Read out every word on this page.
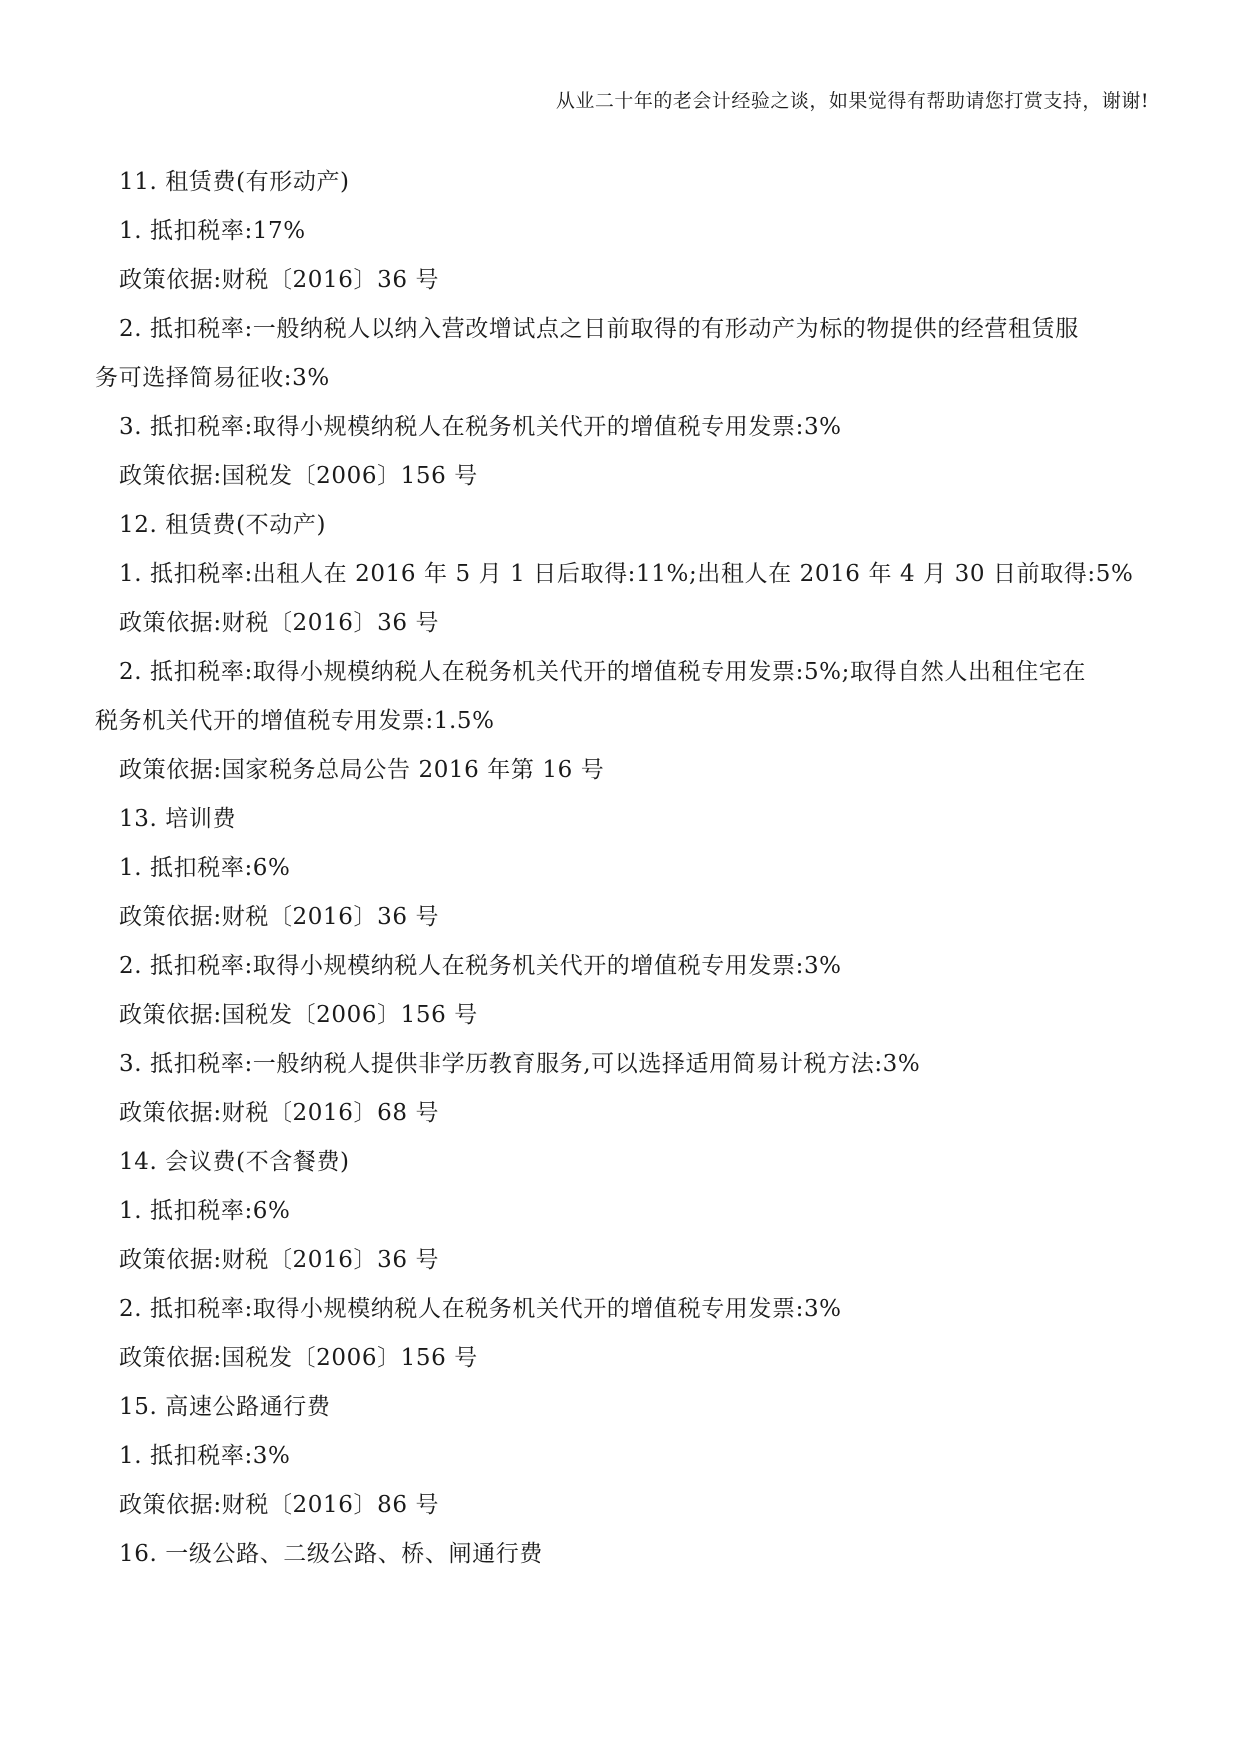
从业二十年的老会计经验之谈，如果觉得有帮助请您打赏支持，谢谢!
11. 租赁费(有形动产)
1. 抵扣税率:17%
政策依据:财税〔2016〕36 号
2. 抵扣税率:一般纳税人以纳入营改增试点之日前取得的有形动产为标的物提供的经营租赁服
务可选择简易征收:3%
3. 抵扣税率:取得小规模纳税人在税务机关代开的增值税专用发票:3%
政策依据:国税发〔2006〕156 号
12. 租赁费(不动产)
1. 抵扣税率:出租人在 2016 年 5 月 1 日后取得:11%;出租人在 2016 年 4 月 30 日前取得:5%
政策依据:财税〔2016〕36 号
2. 抵扣税率:取得小规模纳税人在税务机关代开的增值税专用发票:5%;取得自然人出租住宅在
税务机关代开的增值税专用发票:1.5%
政策依据:国家税务总局公告 2016 年第 16 号
13. 培训费
1. 抵扣税率:6%
政策依据:财税〔2016〕36 号
2. 抵扣税率:取得小规模纳税人在税务机关代开的增值税专用发票:3%
政策依据:国税发〔2006〕156 号
3. 抵扣税率:一般纳税人提供非学历教育服务,可以选择适用简易计税方法:3%
政策依据:财税〔2016〕68 号
14. 会议费(不含餐费)
1. 抵扣税率:6%
政策依据:财税〔2016〕36 号
2. 抵扣税率:取得小规模纳税人在税务机关代开的增值税专用发票:3%
政策依据:国税发〔2006〕156 号
15. 高速公路通行费
1. 抵扣税率:3%
政策依据:财税〔2016〕86 号
16. 一级公路、二级公路、桥、闸通行费
